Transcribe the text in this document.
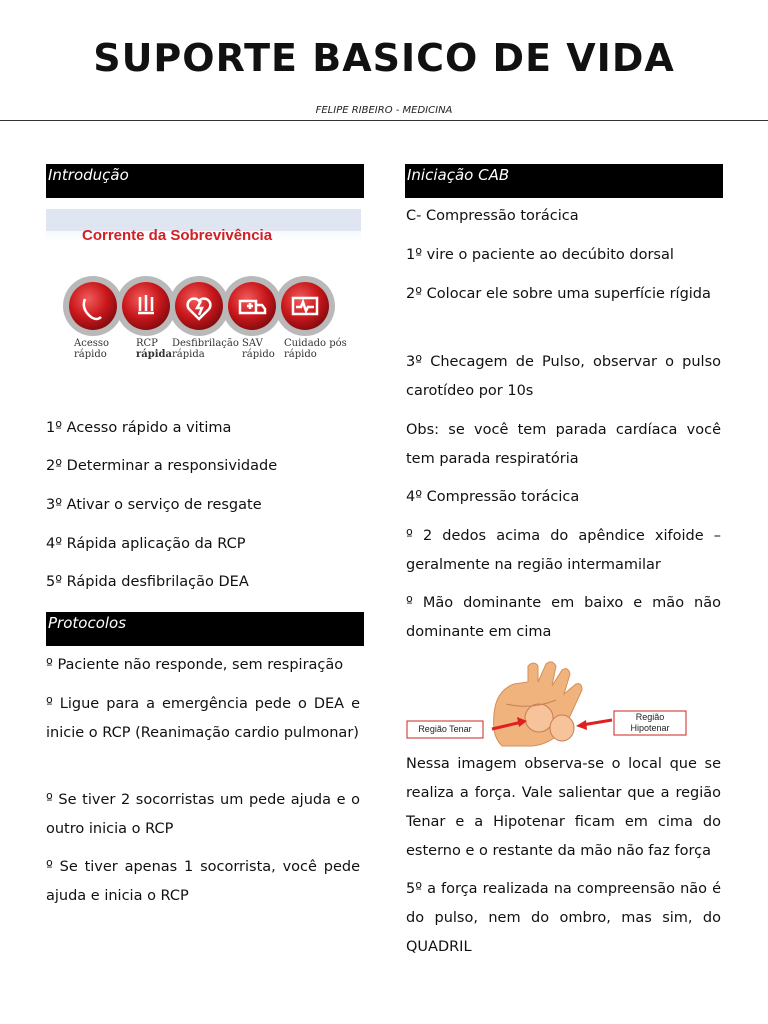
SUPORTE BASICO DE VIDA
FELIPE RIBEIRO - MEDICINA
Introdução
Corrente da Sobrevivência
Acesso
rápido
RCP
rápida
Desfibrilação
rápida
SAV
rápido
Cuidado pós
rápido
1º Acesso rápido a vitima
2º Determinar a responsividade
3º Ativar o serviço de resgate
4º Rápida aplicação da RCP
5º Rápida desfibrilação DEA
Protocolos
º Paciente não responde, sem respiração
º Ligue para a emergência pede o DEA e inicie o RCP (Reanimação cardio pulmonar)
º Se tiver 2 socorristas um pede ajuda e o outro inicia o RCP
º Se tiver apenas 1 socorrista, você pede ajuda e inicia o RCP
Iniciação CAB
C- Compressão torácica
1º vire o paciente ao decúbito dorsal
2º Colocar ele sobre uma superfície rígida
3º Checagem de Pulso, observar o pulso carotídeo por 10s
Obs: se você tem parada cardíaca você tem parada respiratória
4º Compressão torácica
º 2 dedos acima do apêndice xifoide – geralmente na região intermamilar
º Mão dominante em baixo e mão não dominante em cima
Região Tenar
Região
Hipotenar
Nessa imagem observa-se o local que se realiza a força. Vale salientar que a região Tenar e a Hipotenar ficam em cima do esterno e o restante da mão não faz força
5º a força realizada na compreensão não é do pulso, nem do ombro, mas sim, do QUADRIL
